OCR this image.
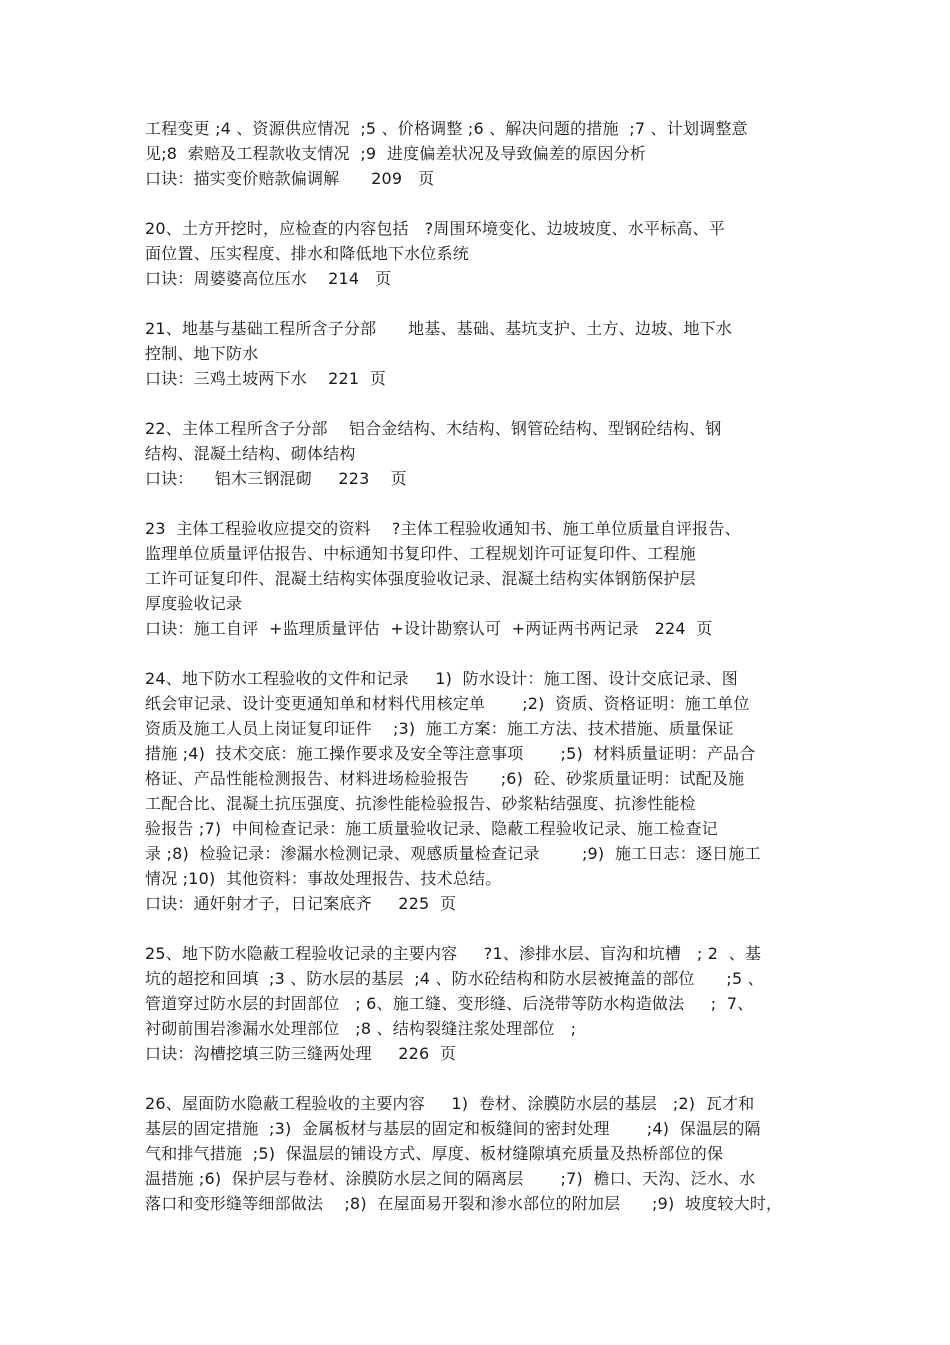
工程变更 ;4 、资源供应情况  ;5 、价格调整 ;6 、解决问题的措施  ;7 、计划调整意
见;8  索赔及工程款收支情况  ;9  进度偏差状况及导致偏差的原因分析
口诀：描实变价赔款偏调解      209   页
20、土方开挖时，应检查的内容包括   ?周围环境变化、边坡坡度、水平标高、平
面位置、压实程度、排水和降低地下水位系统
口诀：周婆婆高位压水    214   页
21、地基与基础工程所含子分部      地基、基础、基坑支护、土方、边坡、地下水
控制、地下防水
口诀：三鸡土坡两下水    221  页
22、主体工程所含子分部    铝合金结构、木结构、钢管砼结构、型钢砼结构、钢
结构、混凝土结构、砌体结构
口诀：    铝木三钢混砌     223    页
23  主体工程验收应提交的资料    ?主体工程验收通知书、施工单位质量自评报告、
监理单位质量评估报告、中标通知书复印件、工程规划许可证复印件、工程施
工许可证复印件、混凝土结构实体强度验收记录、混凝土结构实体钢筋保护层
厚度验收记录
口诀：施工自评  +监理质量评估  +设计勘察认可  +两证两书两记录   224  页
24、地下防水工程验收的文件和记录     1)  防水设计：施工图、设计交底记录、图
纸会审记录、设计变更通知单和材料代用核定单       ;2)  资质、资格证明：施工单位
资质及施工人员上岗证复印证件    ;3)  施工方案：施工方法、技术措施、质量保证
措施 ;4)  技术交底：施工操作要求及安全等注意事项       ;5)  材料质量证明：产品合
格证、产品性能检测报告、材料进场检验报告      ;6)  砼、砂浆质量证明：试配及施
工配合比、混凝土抗压强度、抗渗性能检验报告、砂浆粘结强度、抗渗性能检
验报告 ;7)  中间检查记录：施工质量验收记录、隐蔽工程验收记录、施工检查记
录 ;8)  检验记录：渗漏水检测记录、观感质量检查记录        ;9)  施工日志：逐日施工
情况 ;10)  其他资料：事故处理报告、技术总结。
口诀：通奸射才子，日记案底齐     225  页
25、地下防水隐蔽工程验收记录的主要内容     ?1、渗排水层、盲沟和坑槽   ; 2  、基
坑的超挖和回填  ;3 、防水层的基层  ;4 、防水砼结构和防水层被掩盖的部位      ;5 、
管道穿过防水层的封固部位   ; 6、施工缝、变形缝、后浇带等防水构造做法     ;  7、
衬砌前围岩渗漏水处理部位   ;8 、结构裂缝注浆处理部位   ;
口诀：沟槽挖填三防三缝两处理     226  页
26、屋面防水隐蔽工程验收的主要内容     1)  卷材、涂膜防水层的基层   ;2)  瓦才和
基层的固定措施  ;3)  金属板材与基层的固定和板缝间的密封处理       ;4)  保温层的隔
气和排气措施  ;5)  保温层的铺设方式、厚度、板材缝隙填充质量及热桥部位的保
温措施 ;6)  保护层与卷材、涂膜防水层之间的隔离层       ;7)  檐口、天沟、泛水、水
落口和变形缝等细部做法    ;8)  在屋面易开裂和渗水部位的附加层      ;9)  坡度较大时，
